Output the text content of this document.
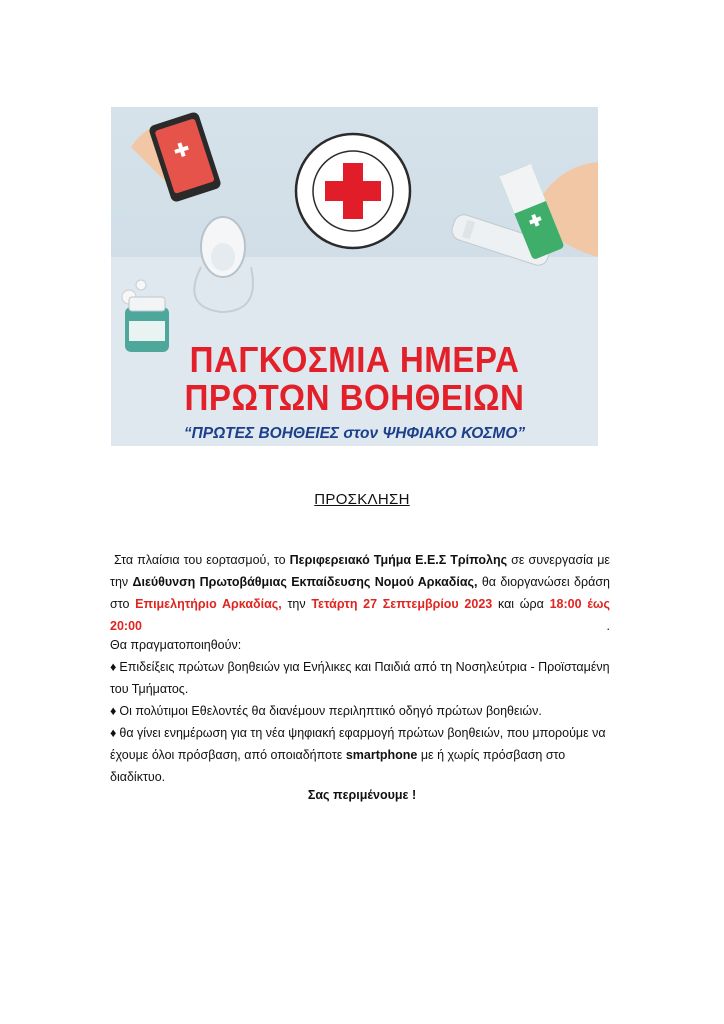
ΠΑΓΚΟΣΜΙΑ ΗΜΕΡΑ
ΠΡΩΤΩΝ ΒΟΗΘΕΙΩΝ
“ΠΡΩΤΕΣ ΒΟΗΘΕΙΕΣ στον ΨΗΦΙΑΚΟ ΚΟΣΜΟ”
ΠΡΟΣΚΛΗΣΗ
Στα πλαίσια του εορτασμού, το Περιφερειακό Τμήμα Ε.Ε.Σ Τρίπολης σε συνεργασία με την Διεύθυνση Πρωτοβάθμιας Εκπαίδευσης Νομού Αρκαδίας, θα διοργανώσει δράση στο Επιμελητήριο Αρκαδίας, την Τετάρτη 27 Σεπτεμβρίου 2023 και ώρα 18:00 έως 20:00 .
Θα πραγματοποιηθούν:
♦ Επιδείξεις πρώτων βοηθειών για Ενήλικες και Παιδιά από τη Νοσηλεύτρια - Προϊσταμένη
του Τμήματος.
♦ Οι πολύτιμοι Εθελοντές θα διανέμουν περιληπτικό οδηγό πρώτων βοηθειών.
♦ θα γίνει ενημέρωση για τη νέα ψηφιακή εφαρμογή πρώτων βοηθειών, που μπορούμε να
έχουμε όλοι πρόσβαση, από οποιαδήποτε smartphone με ή χωρίς πρόσβαση στο διαδίκτυο.
Σας περιμένουμε !
